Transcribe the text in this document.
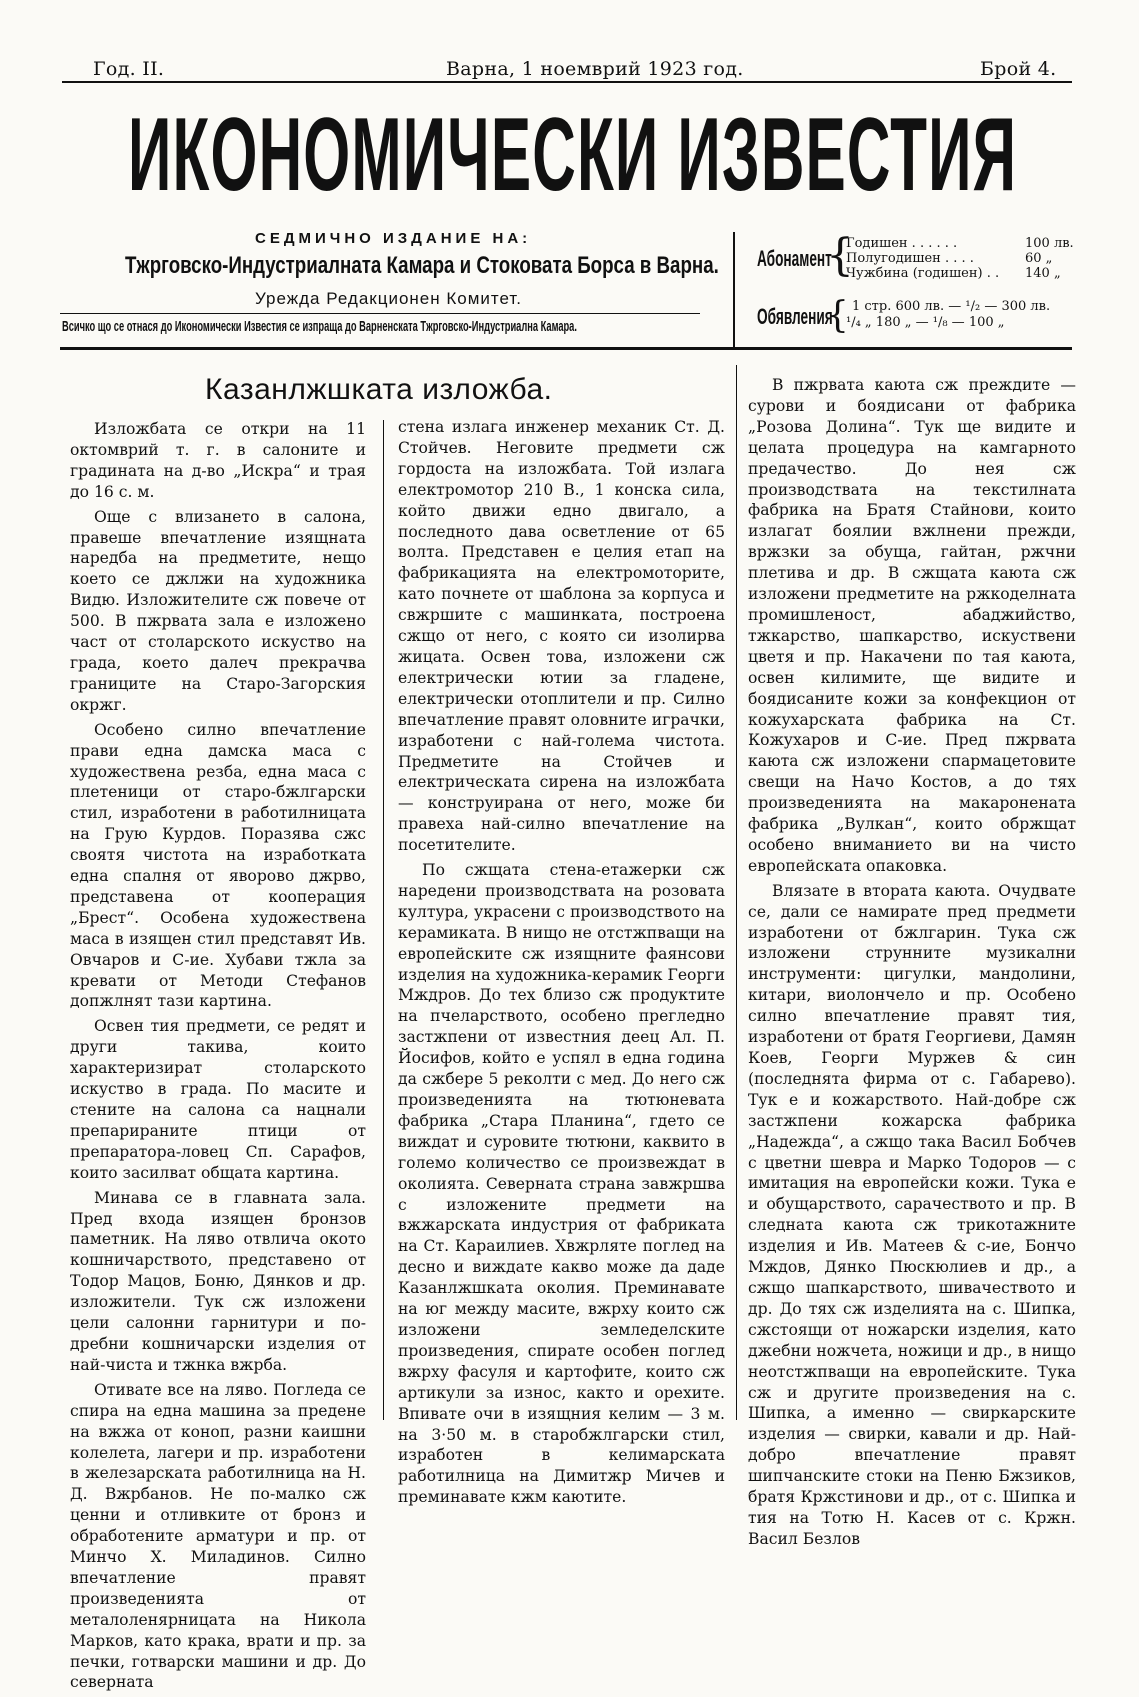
Год. II.	Варна, 1 ноемврий 1923 год.	Брой 4.
ИКОНОМИЧЕСКИ ИЗВЕСТИЯ
СЕДМИЧНО ИЗДАНИЕ НА:
Тжрговско-Индустриалната Камара и Стоковата Борса в Варна.
Урежда Редакционен Комитет.
Всичко що се отнася до Икономически Известия се изпраща до Варненската Тжрговско-Индустриална Камара.
Абонамент
{
Годишен . . . . . .	100 лв.
Полугодишен . . . .	60 „
Чужбина (годишен) . . 140 „
Обявления
{ 1 стр. 600 лв. — ¹/₂ — 300 лв.
¹/₄ „ 180 „ — ¹/₈ — 100 „
Казанлжшката изложба.

Изложбата се откри на 11 октомврий т. г. в салоните и градината на д-во „Искра“ и трая до 16 с. м.

Още с влизането в салона, правеше впечатление изящната наредба на предметите, нещо което се джлжи на художника Видю. Изложителите сж повече от 500. В пжрвата зала е изложено част от столарското искуство на града, което далеч прекрачва границите на Старо-Загорския окржг.

Особено силно впечатление прави една дамска маса с художествена резба, една маса с плетеници от старо-бжлгарски стил, изработени в работилницата на Грую Курдов. Поразява сжс своятя чистота на изработката една спалня от яворово джрво, представена от кооперация „Брест“. Особена художествена маса в изящен стил представят Ив. Овчаров и С-ие. Хубави тжла за кревати от Методи Стефанов допжлнят тази картина.

Освен тия предмети, се редят и други такива, които характеризират столарското искуство в града. По масите и стените на салона са нацнали препарираните птици от препаратора-ловец Сп. Сарафов, които засилват общата картина.

Минава се в главната зала. Пред входа изящен бронзов паметник. На ляво отвлича окото кошничарството, представено от Тодор Мацов, Боню, Дянков и др. изложители. Тук сж изложени цели салонни гарнитури и по-дребни кошничарски изделия от най-чиста и тжнка вжрба.

Отивате все на ляво. Погледа се спира на една машина за предене на вжжа от коноп, разни каишни колелета, лагери и пр. изработени в железарската работилница на Н. Д. Вжрбанов. Не по-малко сж ценни и отливките от бронз и обработените арматури и пр. от Минчо Х. Миладинов. Силно впечатление правят произведенията от металоленярницата на Никола Марков, като крака, врати и пр. за печки, готварски машини и др. До северната

стена излага инженер механик Ст. Д. Стойчев. Неговите предмети сж гордоста на изложбата. Той излага електромотор 210 В., 1 конска сила, който движи едно двигало, а последното дава осветление от 65 волта. Представен е целия етап на фабрикацията на електромоторите, като почнете от шаблона за корпуса и свжршите с машинката, построена сжщо от него, с която си изолирва жицата. Освен това, изложени сж електрически ютии за гладене, електрически отоплители и пр. Силно впечатление правят оловните играчки, изработени с най-голема чистота. Предметите на Стойчев и електрическата сирена на изложбата — конструирана от него, може би правеха най-силно впечатление на посетителите.

По сжщата стена-етажерки сж наредени производствата на розовата култура, украсени с производството на керамиката. В нищо не отстжпващи на европейските сж изящните фаянсови изделия на художника-керамик Георги Мждров. До тех близо сж продуктите на пчеларството, особено прегледно застжпени от известния деец Ал. П. Йосифов, който е успял в една година да сжбере 5 реколти с мед. До него сж произведенията на тютюневата фабрика „Стара Планина“, гдето се виждат и суровите тютюни, каквито в големо количество се произвеждат в околията. Северната страна завжршва с изложените предмети на вжжарската индустрия от фабриката на Ст. Караилиев. Хвжрляте поглед на десно и виждате какво може да даде Казанлжшката околия. Преминавате на юг между масите, вжрху които сж изложени земледелските произведения, спирате особен поглед вжрху фасуля и картофите, които сж артикули за износ, както и орехите. Впивате очи в изящния келим — 3 м. на 3·50 м. в старобжлгарски стил, изработен в келимарската работилница на Димитжр Мичев и преминавате кжм каютите.

В пжрвата каюта сж преждите — сурови и боядисани от фабрика „Розова Долина“. Тук ще видите и целата процедура на камгарното предачество. До нея сж производствата на текстилната фабрика на Братя Стайнови, които излагат боялии вжлнени прежди, вржзки за обуща, гайтан, ржчни плетива и др. В сжщата каюта сж изложени предметите на ржкоделната промишленост, абаджийство, тжкарство, шапкарство, искуствени цветя и пр. Накачени по тая каюта, освен килимите, ще видите и боядисаните кожи за конфекцион от кожухарската фабрика на Ст. Кожухаров и С-ие. Пред пжрвата каюта сж изложени спармацетовите свещи на Начо Костов, а до тях произведенията на макаронената фабрика „Вулкан“, които обржщат особено вниманието ви на чисто европейската опаковка.

Влязате в втората каюта. Очудвате се, дали се намирате пред предмети изработени от бжлгарин. Тука сж изложени струнните музикални инструменти: цигулки, мандолини, китари, виолончело и пр. Особено силно впечатление правят тия, изработени от братя Георгиеви, Дамян Коев, Георги Муржев & син (последнята фирма от с. Габарево). Тук е и кожарството. Най-добре сж застжпени кожарска фабрика „Надежда“, а сжщо така Васил Бобчев с цветни шевра и Марко Тодоров — с имитация на европейски кожи. Тука е и обущарството, сарачеството и пр. В следната каюта сж трикотажните изделия и Ив. Матеев & с-ие, Бончо Мждов, Дянко Пюскюлиев и др., а сжщо шапкарството, шивачеството и др. До тях сж изделията на с. Шипка, сжстоящи от ножарски изделия, като джебни ножчета, ножици и др., в нищо неотстжпващи на европейските. Тука сж и другите произведения на с. Шипка, а именно — свиркарските изделия — свирки, кавали и др. Най-добро впечатление правят шипчанските стоки на Пеню Бжзиков, братя Кржстинови и др., от с. Шипка и тия на Тотю Н. Касев от с. Кржн. Васил Безлов
